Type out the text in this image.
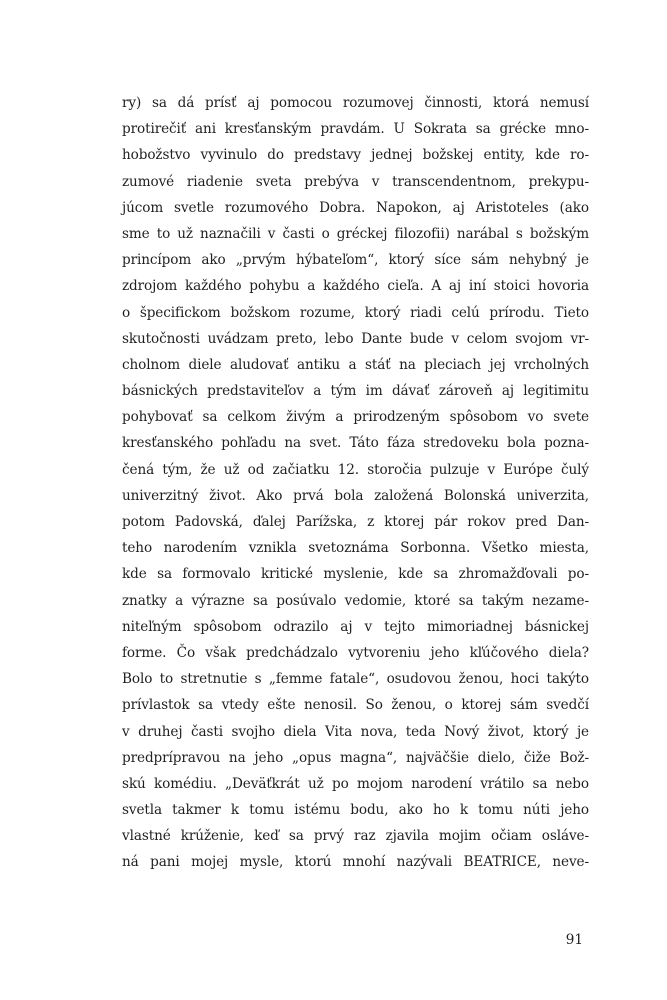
ry) sa dá prísť aj pomocou rozumovej činnosti, ktorá nemusí
protirečiť ani kresťanským pravdám. U Sokrata sa grécke mno-
hobožstvo vyvinulo do predstavy jednej božskej entity, kde ro-
zumové riadenie sveta prebýva v transcendentnom, prekypu-
júcom svetle rozumového Dobra. Napokon, aj Aristoteles (ako
sme to už naznačili v časti o gréckej filozofii) narábal s božským
princípom ako „prvým hýbateľom“, ktorý síce sám nehybný je
zdrojom každého pohybu a každého cieľa. A aj iní stoici hovoria
o špecifickom božskom rozume, ktorý riadi celú prírodu. Tieto
skutočnosti uvádzam preto, lebo Dante bude v celom svojom vr-
cholnom diele aludovať antiku a stáť na pleciach jej vrcholných
básnických predstaviteľov a tým im dávať zároveň aj legitimitu
pohybovať sa celkom živým a prirodzeným spôsobom vo svete
kresťanského pohľadu na svet. Táto fáza stredoveku bola pozna-
čená tým, že už od začiatku 12. storočia pulzuje v Európe čulý
univerzitný život. Ako prvá bola založená Bolonská univerzita,
potom Padovská, ďalej Parížska, z ktorej pár rokov pred Dan-
teho narodením vznikla svetoznáma Sorbonna. Všetko miesta,
kde sa formovalo kritické myslenie, kde sa zhromažďovali po-
znatky a výrazne sa posúvalo vedomie, ktoré sa takým nezame-
niteľným spôsobom odrazilo aj v tejto mimoriadnej básnickej
forme. Čo však predchádzalo vytvoreniu jeho kľúčového diela?
Bolo to stretnutie s „femme fatale“, osudovou ženou, hoci takýto
prívlastok sa vtedy ešte nenosil. So ženou, o ktorej sám svedčí
v druhej časti svojho diela Vita nova, teda Nový život, ktorý je
predprípravou na jeho „opus magna“, najväčšie dielo, čiže Bož-
skú komédiu. „Deväťkrát už po mojom narodení vrátilo sa nebo
svetla takmer k tomu istému bodu, ako ho k tomu núti jeho
vlastné krúženie, keď sa prvý raz zjavila mojim očiam osláve-
ná pani mojej mysle, ktorú mnohí nazývali BEATRICE, neve-
91
